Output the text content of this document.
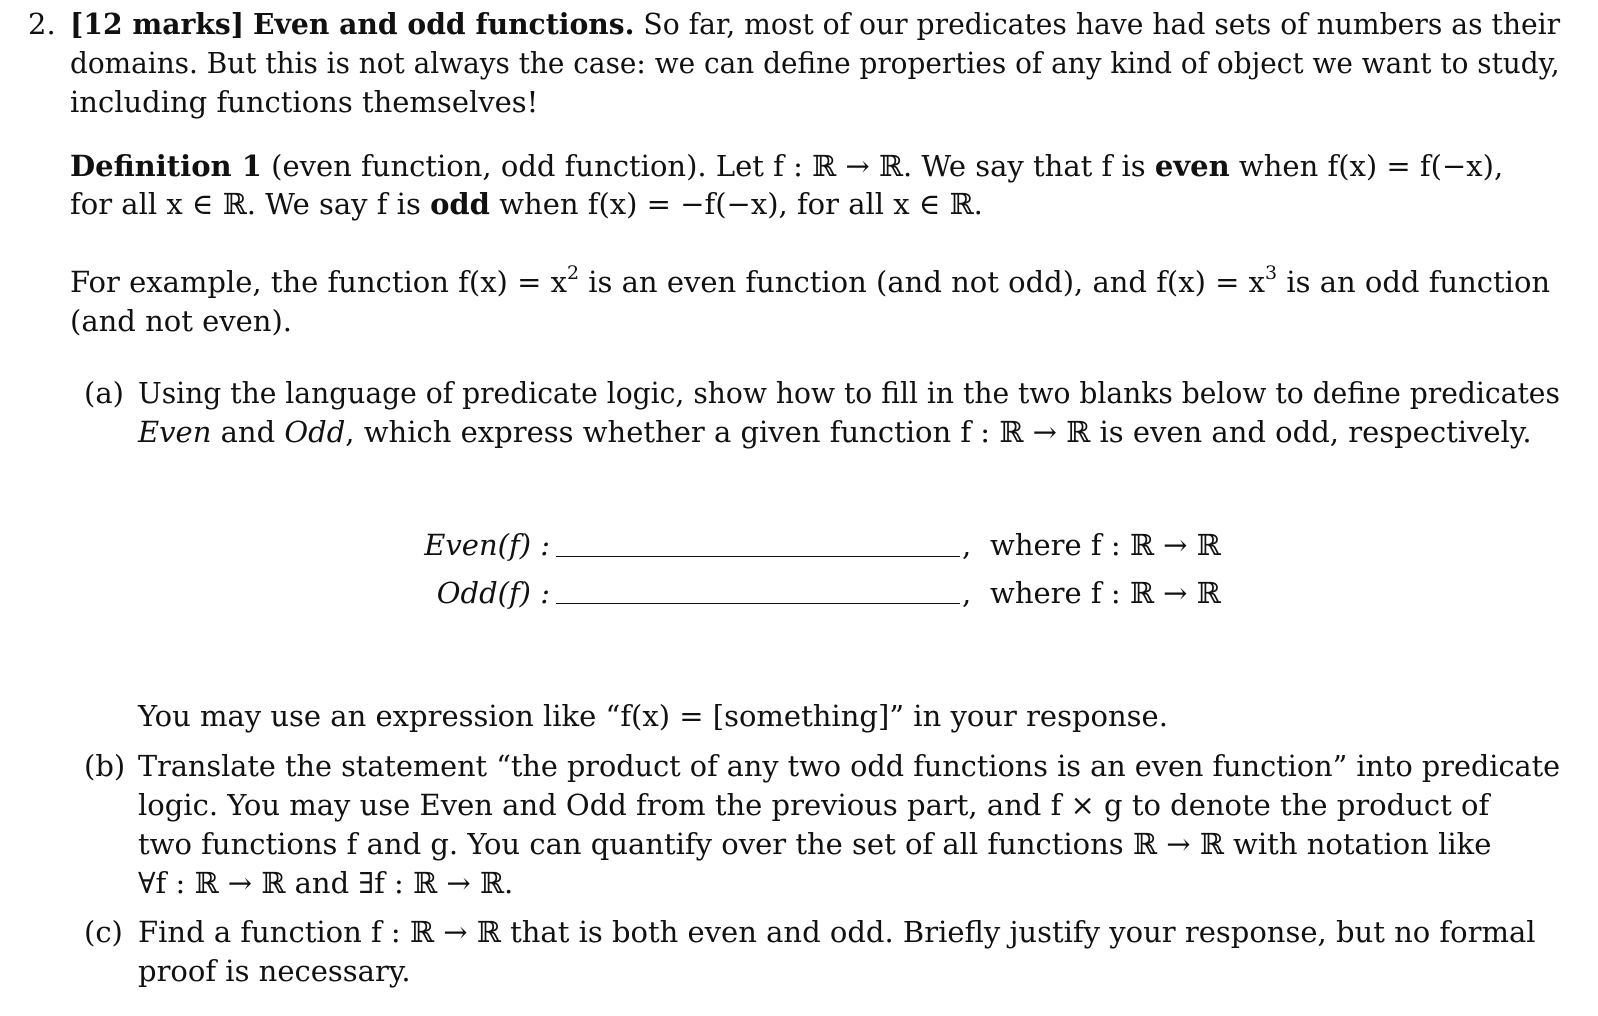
2. [12 marks] Even and odd functions. So far, most of our predicates have had sets of numbers as their
domains. But this is not always the case: we can define properties of any kind of object we want to study,
including functions themselves!
Definition 1 (even function, odd function). Let f : ℝ → ℝ. We say that f is even when f(x) = f(−x),
for all x ∈ ℝ. We say f is odd when f(x) = −f(−x), for all x ∈ ℝ.
For example, the function $f(x) = x^2$ is an even function (and not odd), and $f(x) = x^3$ is an odd function
(and not even).
(a) Using the language of predicate logic, show how to fill in the two blanks below to define predicates
Even and Odd, which express whether a given function f : ℝ → ℝ is even and odd, respectively.
Even(f) :	, where f : ℝ → ℝ
Odd(f) :	, where f : ℝ → ℝ
You may use an expression like “f(x) = [something]” in your response.
(b) Translate the statement “the product of any two odd functions is an even function” into predicate
logic. You may use Even and Odd from the previous part, and f × g to denote the product of
two functions f and g. You can quantify over the set of all functions ℝ → ℝ with notation like
∀f : ℝ → ℝ and ∃f : ℝ → ℝ.
(c) Find a function f : ℝ → ℝ that is both even and odd. Briefly justify your response, but no formal
proof is necessary.
